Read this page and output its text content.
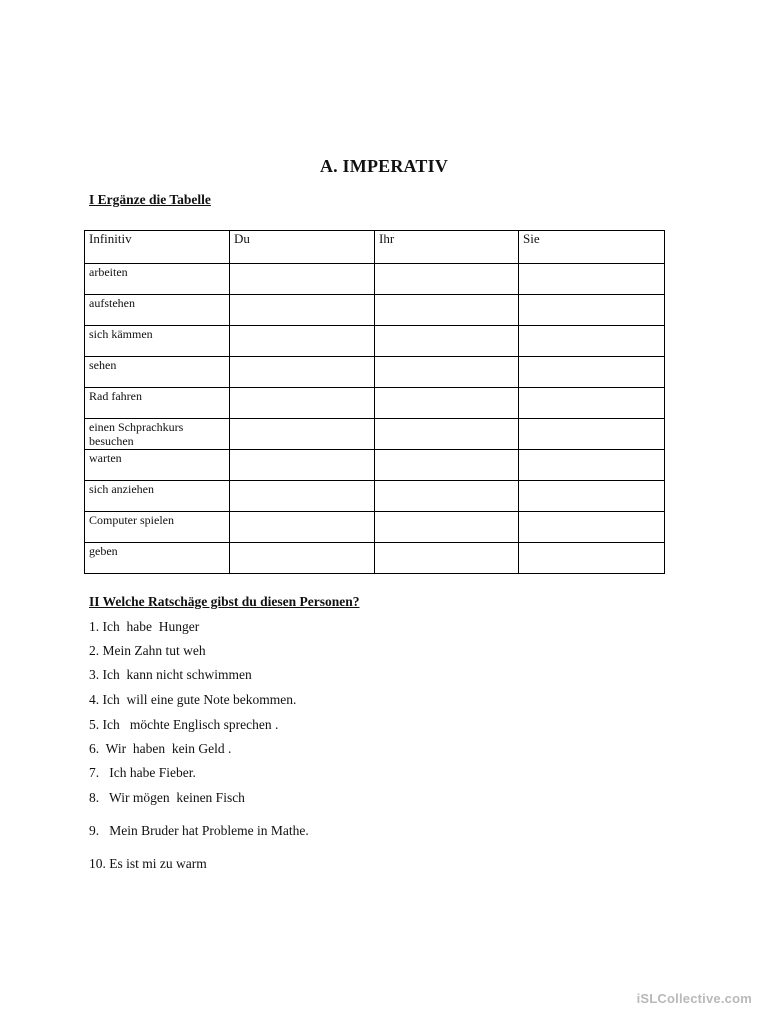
A. IMPERATIV
I Ergänze die Tabelle
Infinitiv	Du	Ihr	Sie
arbeiten			
aufstehen			
sich kämmen			
sehen			
Rad fahren			
einen Schprachkurs besuchen			
warten			
sich anziehen			
Computer spielen			
geben			
II Welche Ratschäge gibst du diesen Personen?
1. Ich  habe  Hunger
2. Mein Zahn tut weh
3. Ich  kann nicht schwimmen
4. Ich  will eine gute Note bekommen.
5. Ich   möchte Englisch sprechen .
6.  Wir  haben  kein Geld .
7.   Ich habe Fieber.
8.   Wir mögen  keinen Fisch
9.   Mein Bruder hat Probleme in Mathe.
10. Es ist mi zu warm
iSLCollective.com
